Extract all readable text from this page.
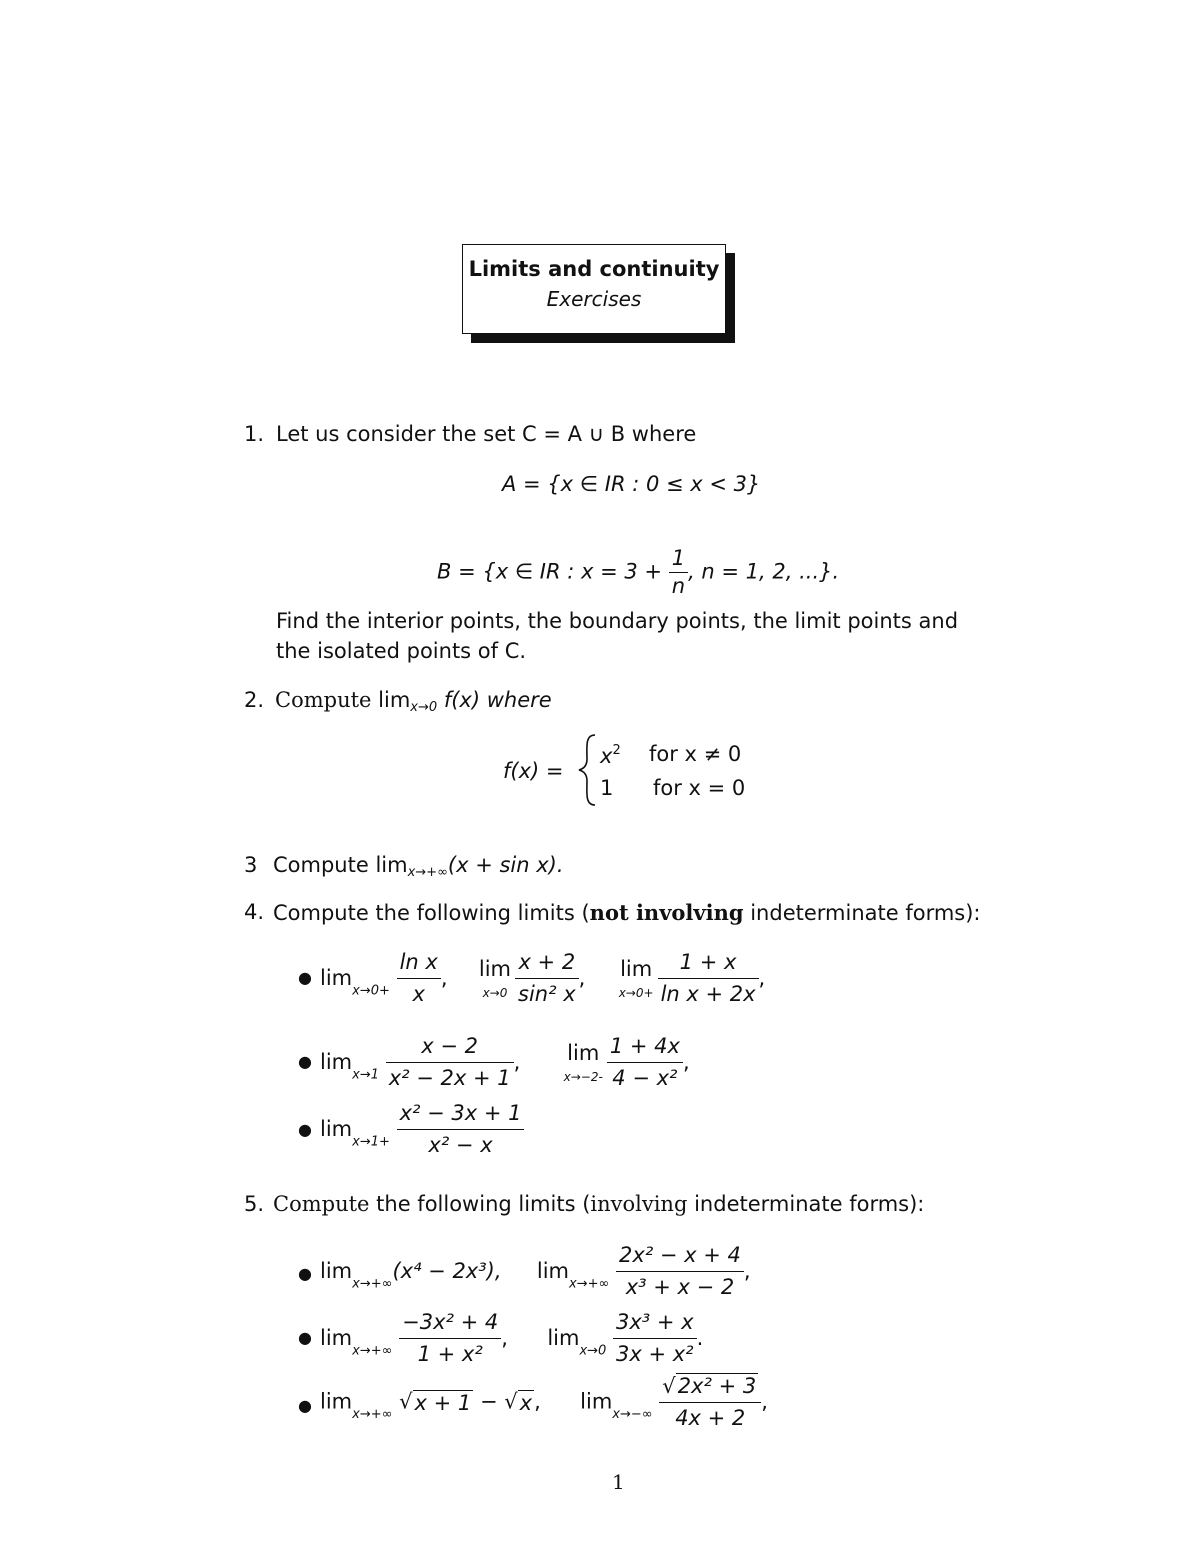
Limits and continuity
Exercises
1. Let us consider the set C = A ∪ B where
A = {x ∈ IR : 0 ≤ x < 3}
B = {x ∈ IR : $x = 3 + \frac{1}{n}$ , n = 1, 2, ...}.
Find the interior points, the boundary points, the limit points and
the isolated points of C.
2. Compute limx→0 f(x) where
f(x) =
$x^2$ for x ≠ 0
1 for x = 0
3 Compute limx→+∞(x + sin x).
4. Compute the following limits (not involving indeterminate forms):
● $\lim_{x\to 0+} \frac{\text{ln x}}{x}$ , lim
$x\to 0 \frac{x + 2}{\text{sin² x}}$ , lim
$x\to 0+ \frac{1 + x}{\text{ln x + 2x}}$ ,
● $\lim_{x\to 1} \frac{x - 2}{\text{x² − 2x + 1}}$ , lim
$x\to-2- \frac{1 + 4x}{\text{4 − x²}}$ ,
● $\lim_{x\to 1+} \frac{\text{x² − 3x + 1}}{\text{x² − x}}$
5. Compute the following limits (involving indeterminate forms):
● $\lim_{x\to+\infty}(x^4 - 2x^3)$, $\lim_{x\to+\infty} \frac{\text{2x² − x + 4}}{\text{x³ + x − 2}}$ ,
● $\lim_{x\to+\infty} \frac{\text{−3x² + 4}}{\text{1 + x²}}$ , $\lim_{x\to 0} \frac{\text{3x³ + x}}{\text{3x + x²}}$ .
● $\lim_{x\to+\infty} √x + 1 - √x$, $\lim_{x\to-\infty} \frac{\text{√2x² + 3}}{4x + 2}$ ,
1
